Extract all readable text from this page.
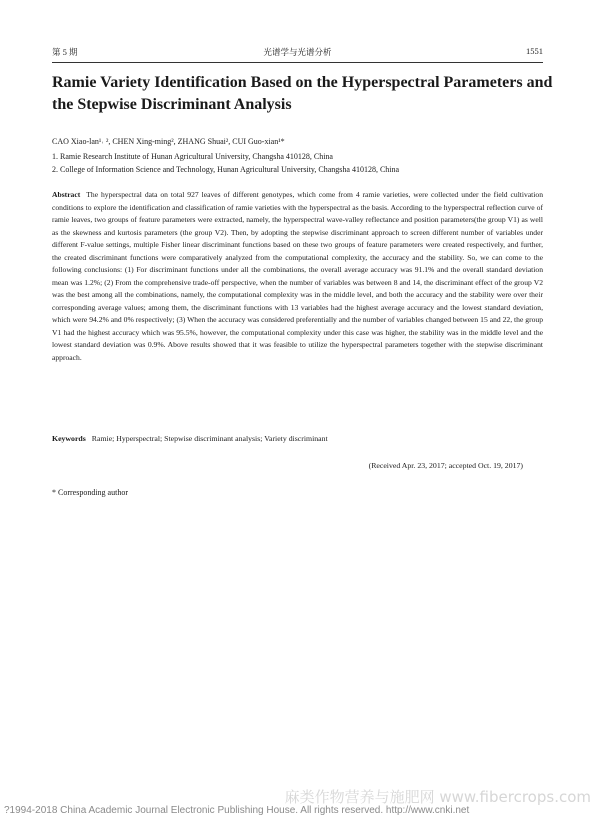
第 5 期	光谱学与光谱分析	1551
Ramie Variety Identification Based on the Hyperspectral Parameters and the Stepwise Discriminant Analysis
CAO Xiao-lan¹˒ ², CHEN Xing-ming², ZHANG Shuai², CUI Guo-xian¹*
1. Ramie Research Institute of Hunan Agricultural University, Changsha 410128, China
2. College of Information Science and Technology, Hunan Agricultural University, Changsha 410128, China

Abstract The hyperspectral data on total 927 leaves of different genotypes, which come from 4 ramie varieties, were collected under the field cultivation conditions to explore the identification and classification of ramie varieties with the hyperspectral as the basis. According to the hyperspectral reflection curve of ramie leaves, two groups of feature parameters were extracted, namely, the hyperspectral wave-valley reflectance and position parameters(the group V1) as well as the skewness and kurtosis parameters (the group V2). Then, by adopting the stepwise discriminant approach to screen different number of variables under different F-value settings, multiple Fisher linear discriminant functions based on these two groups of feature parameters were created respectively, and further, the created discriminant functions were comparatively analyzed from the computational complexity, the accuracy and the stability. So, we can come to the following conclusions: (1) For discriminant functions under all the combinations, the overall average accuracy was 91.1% and the overall standard deviation mean was 1.2%; (2) From the comprehensive trade-off perspective, when the number of variables was between 8 and 14, the discriminant effect of the group V2 was the best among all the combinations, namely, the computational complexity was in the middle level, and both the accuracy and the stability were over their corresponding average values; among them, the discriminant functions with 13 variables had the highest average accuracy and the lowest standard deviation, which were 94.2% and 0% respectively; (3) When the accuracy was considered preferentially and the number of variables changed between 15 and 22, the group V1 had the highest accuracy which was 95.5%, however, the computational complexity under this case was higher, the stability was in the middle level and the lowest standard deviation was 0.9%. Above results showed that it was feasible to utilize the hyperspectral parameters together with the stepwise discriminant approach.

Keywords Ramie; Hyperspectral; Stepwise discriminant analysis; Variety discriminant
(Received Apr. 23, 2017; accepted Oct. 19, 2017)
* Corresponding author
麻类作物营养与施肥网 www.fibercrops.com
?1994-2018 China Academic Journal Electronic Publishing House. All rights reserved. http://www.cnki.net
